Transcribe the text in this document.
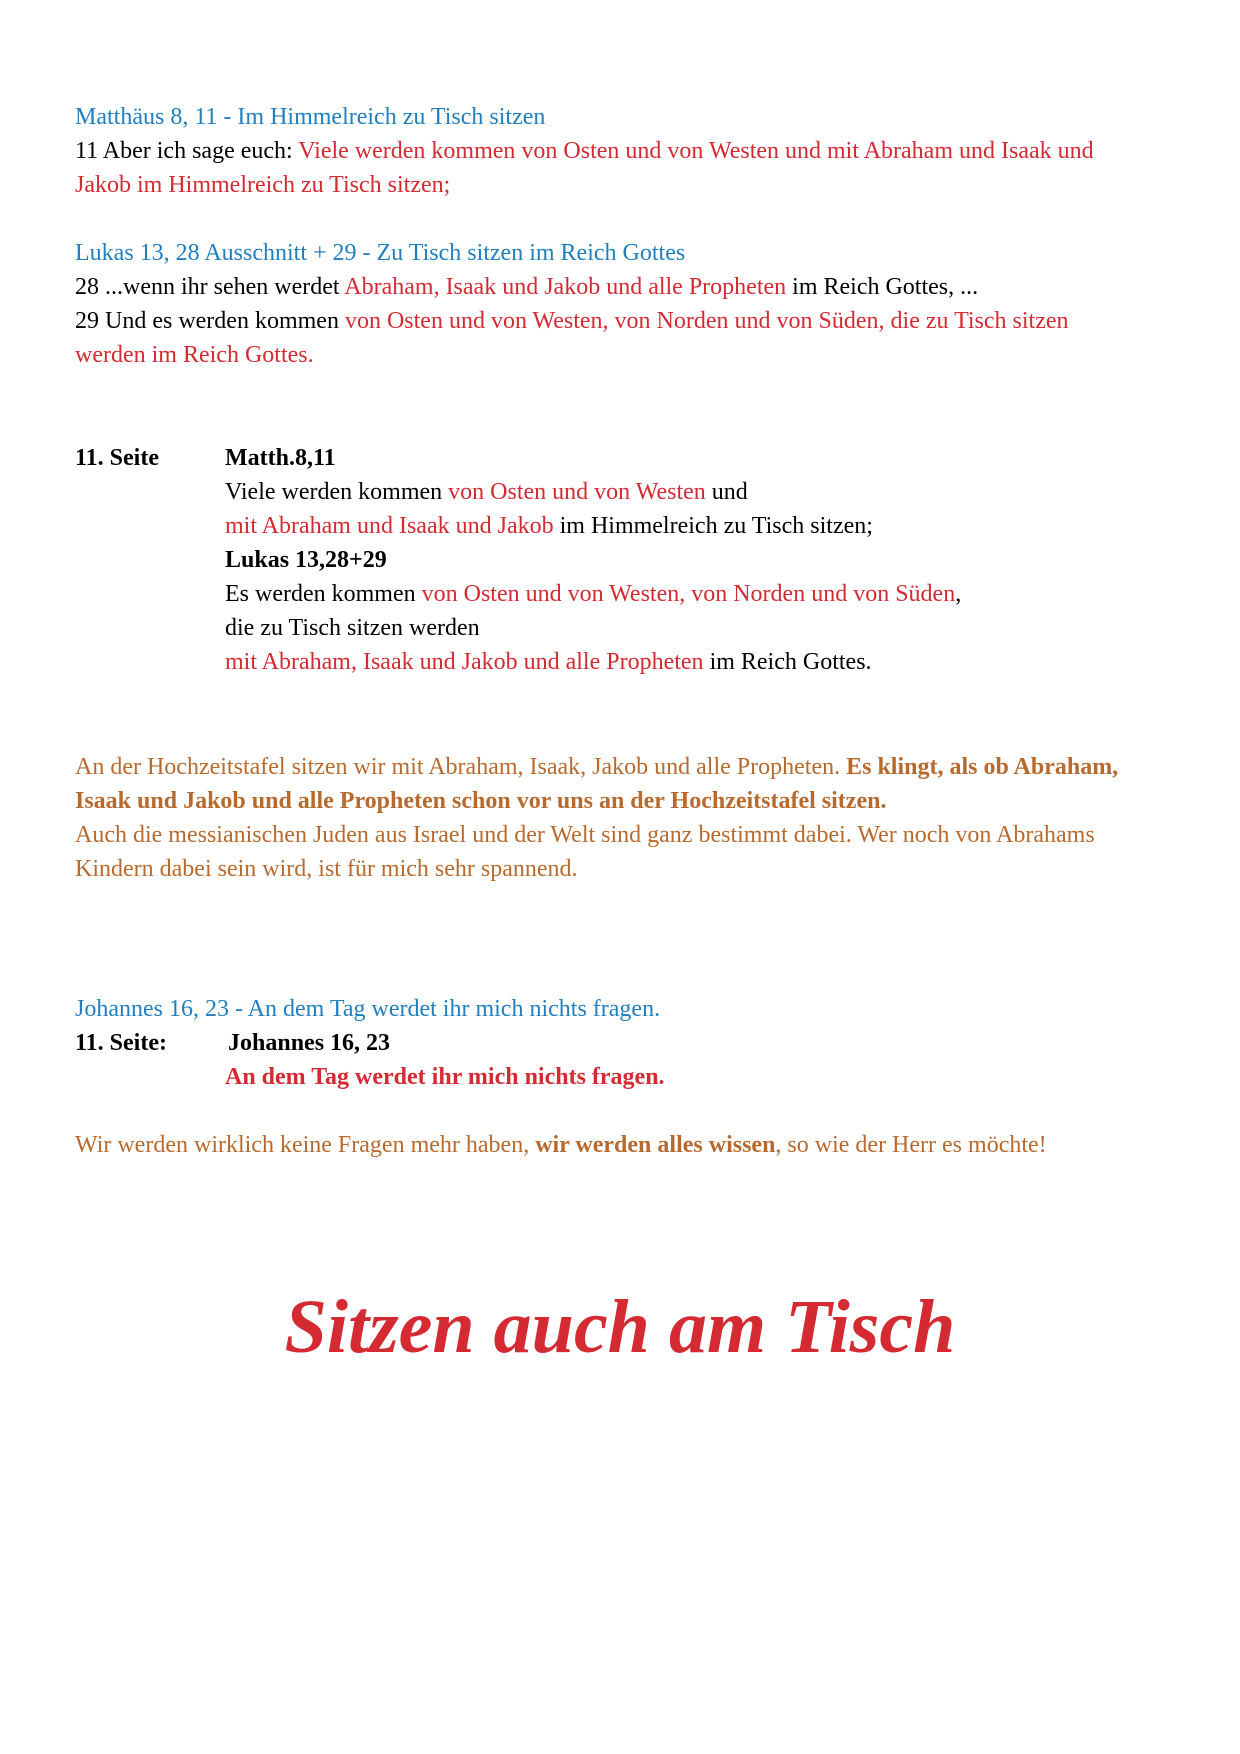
Matthäus 8, 11 - Im Himmelreich zu Tisch sitzen
11 Aber ich sage euch: Viele werden kommen von Osten und von Westen und mit Abraham und Isaak und
Jakob im Himmelreich zu Tisch sitzen;
Lukas 13, 28 Ausschnitt + 29 - Zu Tisch sitzen im Reich Gottes
28 ...wenn ihr sehen werdet Abraham, Isaak und Jakob und alle Propheten im Reich Gottes, ...
29 Und es werden kommen von Osten und von Westen, von Norden und von Süden, die zu Tisch sitzen
werden im Reich Gottes.
11. Seite	Matth.8,11
Viele werden kommen von Osten und von Westen und
mit Abraham und Isaak und Jakob im Himmelreich zu Tisch sitzen;
Lukas 13,28+29
Es werden kommen von Osten und von Westen, von Norden und von Süden,
die zu Tisch sitzen werden
mit Abraham, Isaak und Jakob und alle Propheten im Reich Gottes.
An der Hochzeitstafel sitzen wir mit Abraham, Isaak, Jakob und alle Propheten. Es klingt, als ob Abraham,
Isaak und Jakob und alle Propheten schon vor uns an der Hochzeitstafel sitzen.
Auch die messianischen Juden aus Israel und der Welt sind ganz bestimmt dabei. Wer noch von Abrahams
Kindern dabei sein wird, ist für mich sehr spannend.
Johannes 16, 23 - An dem Tag werdet ihr mich nichts fragen.
11. Seite:	Johannes 16, 23
An dem Tag werdet ihr mich nichts fragen.
Wir werden wirklich keine Fragen mehr haben, wir werden alles wissen, so wie der Herr es möchte!
Sitzen auch am Tisch
